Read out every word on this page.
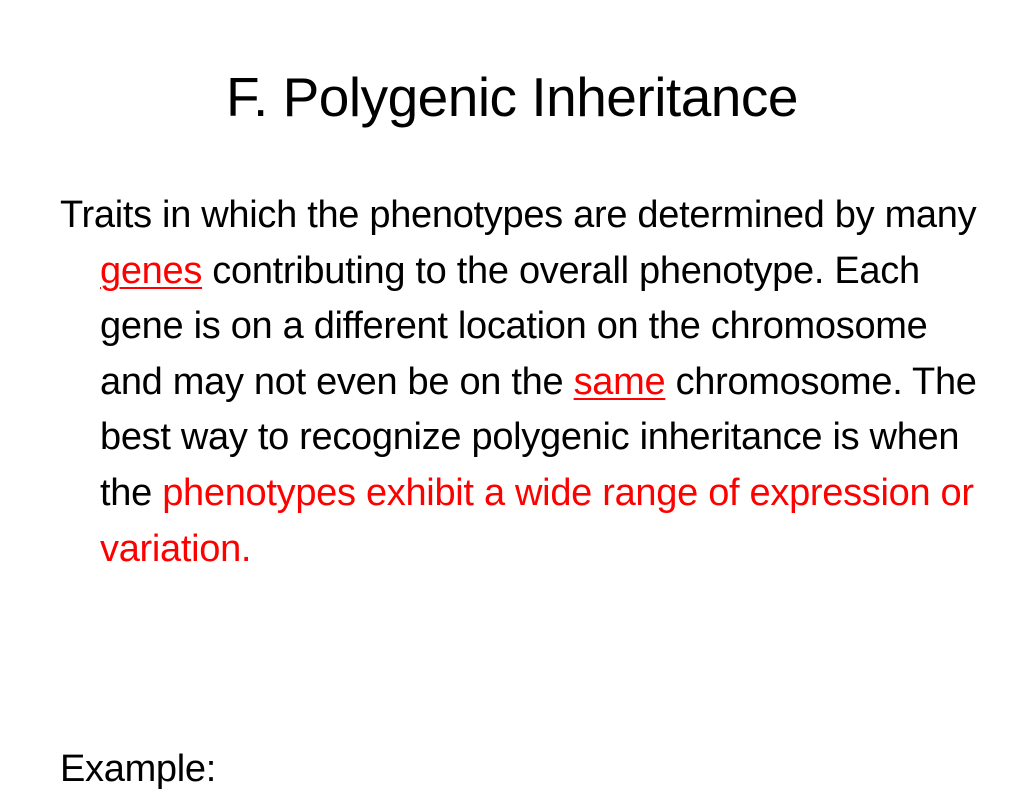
F. Polygenic Inheritance

Traits in which the phenotypes are determined by many genes contributing to the overall phenotype. Each gene is on a different location on the chromosome and may not even be on the same chromosome. The best way to recognize polygenic inheritance is when the phenotypes exhibit a wide range of expression or variation.

Example:
